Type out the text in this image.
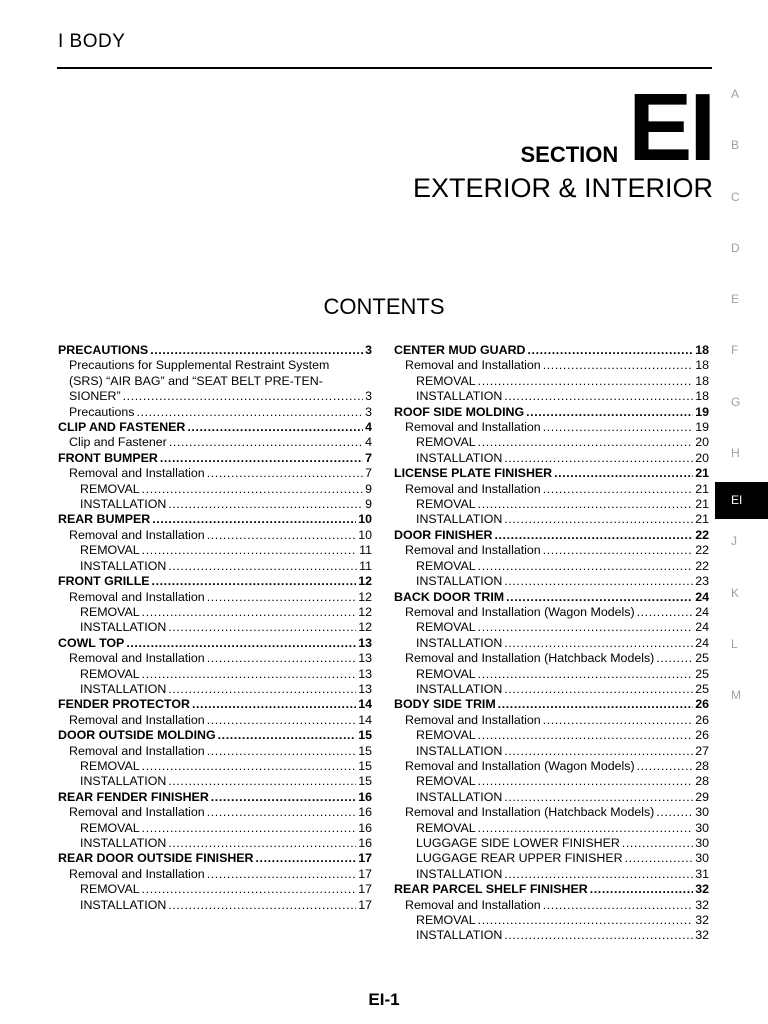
I BODY
SECTION EI
EXTERIOR & INTERIOR
CONTENTS
PRECAUTIONS .....	3
Precautions for Supplemental Restraint System
(SRS) “AIR BAG” and “SEAT BELT PRE-TEN-
SIONER” .....	3
Precautions .....	3
CLIP AND FASTENER .....	4
Clip and Fastener .....	4
FRONT BUMPER .....	7
Removal and Installation .....	7
REMOVAL .....	9
INSTALLATION .....	9
REAR BUMPER .....	10
Removal and Installation .....	10
REMOVAL .....	11
INSTALLATION .....	11
FRONT GRILLE .....	12
Removal and Installation .....	12
REMOVAL .....	12
INSTALLATION .....	12
COWL TOP .....	13
Removal and Installation .....	13
REMOVAL .....	13
INSTALLATION .....	13
FENDER PROTECTOR .....	14
Removal and Installation .....	14
DOOR OUTSIDE MOLDING .....	15
Removal and Installation .....	15
REMOVAL .....	15
INSTALLATION .....	15
REAR FENDER FINISHER .....	16
Removal and Installation .....	16
REMOVAL .....	16
INSTALLATION .....	16
REAR DOOR OUTSIDE FINISHER .....	17
Removal and Installation .....	17
REMOVAL .....	17
INSTALLATION .....	17
CENTER MUD GUARD .....	18
Removal and Installation .....	18
REMOVAL .....	18
INSTALLATION .....	18
ROOF SIDE MOLDING .....	19
Removal and Installation .....	19
REMOVAL .....	20
INSTALLATION .....	20
LICENSE PLATE FINISHER .....	21
Removal and Installation .....	21
REMOVAL .....	21
INSTALLATION .....	21
DOOR FINISHER .....	22
Removal and Installation .....	22
REMOVAL .....	22
INSTALLATION .....	23
BACK DOOR TRIM .....	24
Removal and Installation (Wagon Models) .....	24
REMOVAL .....	24
INSTALLATION .....	24
Removal and Installation (Hatchback Models) .....	25
REMOVAL .....	25
INSTALLATION .....	25
BODY SIDE TRIM .....	26
Removal and Installation .....	26
REMOVAL .....	26
INSTALLATION .....	27
Removal and Installation (Wagon Models) .....	28
REMOVAL .....	28
INSTALLATION .....	29
Removal and Installation (Hatchback Models) .....	30
REMOVAL .....	30
LUGGAGE SIDE LOWER FINISHER .....	30
LUGGAGE REAR UPPER FINISHER .....	30
INSTALLATION .....	31
REAR PARCEL SHELF FINISHER .....	32
Removal and Installation .....	32
REMOVAL .....	32
INSTALLATION .....	32
A
B
C
D
E
F
G
H
EI
J
K
L
M
EI-1
